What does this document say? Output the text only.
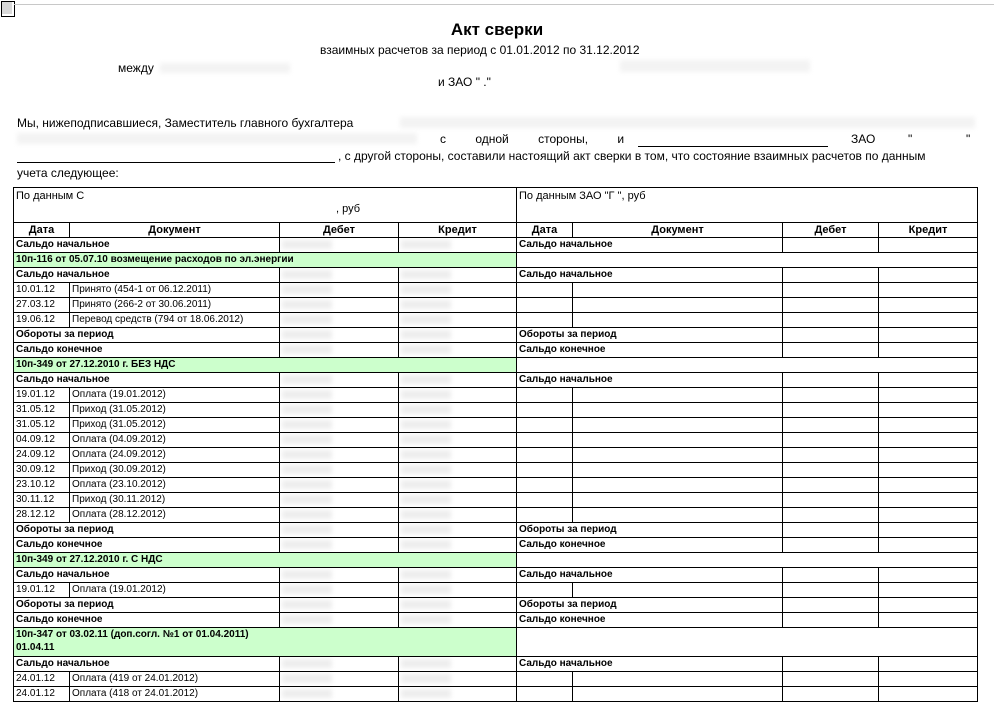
Акт сверки
взаимных расчетов за период с 01.01.2012 по 31.12.2012
между
и ЗАО " ."
Мы, нижеподписавшиеся, Заместитель главного бухгалтера
с одной стороны, и	ЗАО	"	"
, с другой стороны, составили настоящий акт сверки в том, что состояние взаимных расчетов по данным
учета следующее:
По данным С
, руб				По данным ЗАО "Г ", руб			
Дата	Документ	Дебет	Кредит	Дата	Документ	Дебет	Кредит
Сальдо начальное				Сальдо начальное			
10п-116 от 05.07.10 возмещение расходов по эл.энергии							
Сальдо начальное				Сальдо начальное			
10.01.12	Принято (454-1 от 06.12.2011)						
27.03.12	Принято (266-2 от 30.06.2011)						
19.06.12	Перевод средств (794 от 18.06.2012)						
Обороты за период				Обороты за период			
Сальдо конечное				Сальдо конечное			
10п-349 от 27.12.2010 г. БЕЗ НДС							
Сальдо начальное				Сальдо начальное			
19.01.12	Оплата (19.01.2012)						
31.05.12	Приход (31.05.2012)						
31.05.12	Приход (31.05.2012)						
04.09.12	Оплата (04.09.2012)						
24.09.12	Оплата (24.09.2012)						
30.09.12	Приход (30.09.2012)						
23.10.12	Оплата (23.10.2012)						
30.11.12	Приход (30.11.2012)						
28.12.12	Оплата (28.12.2012)						
Обороты за период				Обороты за период			
Сальдо конечное				Сальдо конечное			
10п-349 от 27.12.2010 г. С НДС							
Сальдо начальное				Сальдо начальное			
19.01.12	Оплата (19.01.2012)						
Обороты за период				Обороты за период			
Сальдо конечное				Сальдо конечное			

10п-347 от 03.02.11 (доп.согл. №1 от 01.04.2011)
01.04.11							

Сальдо начальное				Сальдо начальное			
24.01.12	Оплата (419 от 24.01.2012)						
24.01.12	Оплата (418 от 24.01.2012)						
